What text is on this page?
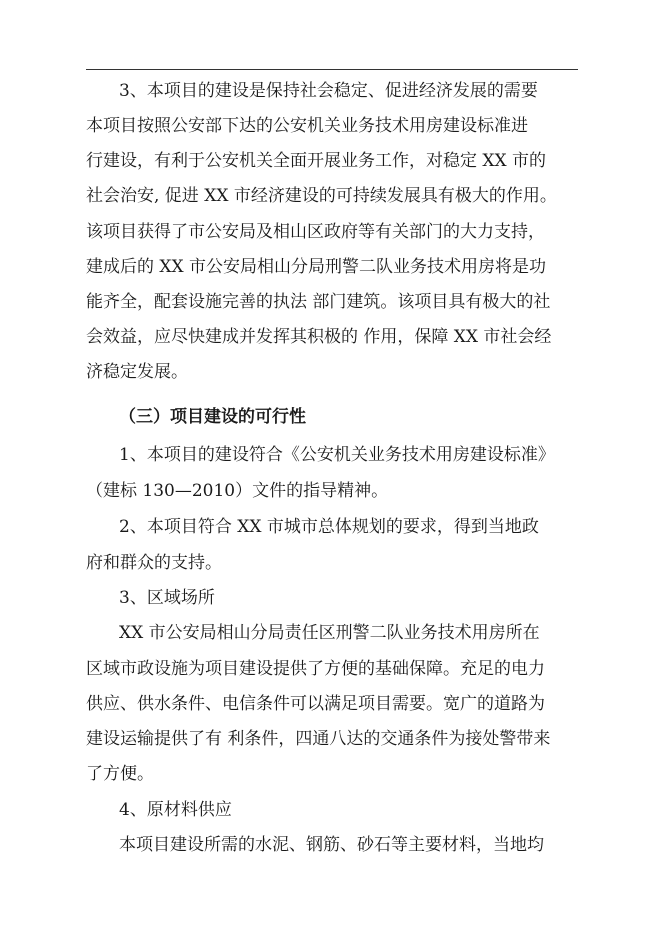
3、本项目的建设是保持社会稳定、促进经济发展的需要
本项目按照公安部下达的公安机关业务技术用房建设标准进
行建设，有利于公安机关全面开展业务工作，对稳定 XX 市的
社会治安, 促进 XX 市经济建设的可持续发展具有极大的作用。
该项目获得了市公安局及相山区政府等有关部门的大力支持，
建成后的 XX 市公安局相山分局刑警二队业务技术用房将是功
能齐全，配套设施完善的执法 部门建筑。该项目具有极大的社
会效益，应尽快建成并发挥其积极的 作用，保障 XX 市社会经
济稳定发展。
（三）项目建设的可行性
1、本项目的建设符合《公安机关业务技术用房建设标准》
（建标 130—2010）文件的指导精神。
2、本项目符合 XX 市城市总体规划的要求，得到当地政
府和群众的支持。
3、区域场所
XX 市公安局相山分局责任区刑警二队业务技术用房所在
区域市政设施为项目建设提供了方便的基础保障。充足的电力
供应、供水条件、电信条件可以满足项目需要。宽广的道路为
建设运输提供了有 利条件，四通八达的交通条件为接处警带来
了方便。
4、原材料供应
本项目建设所需的水泥、钢筋、砂石等主要材料，当地均
